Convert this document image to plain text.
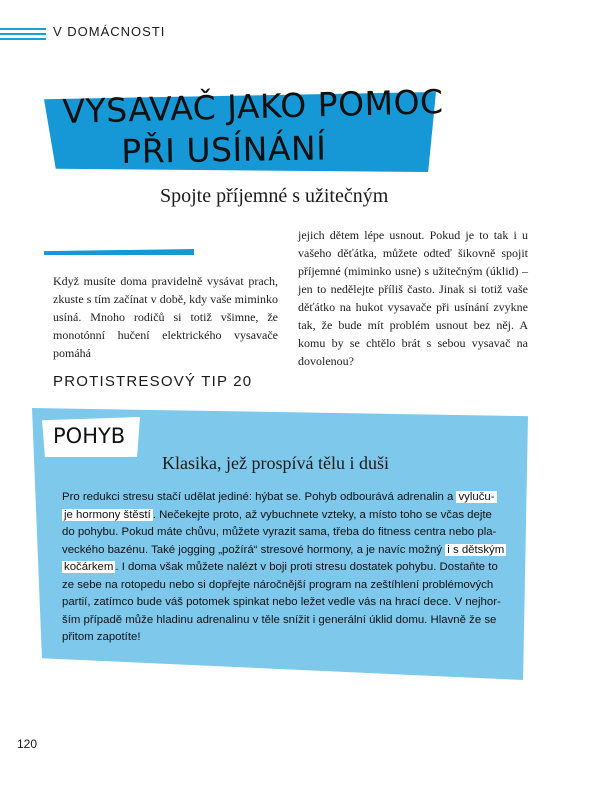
V DOMÁCNOSTI
VYSAVAČ JAKO POMOC
PŘI USÍNÁNÍ
Spojte příjemné s užitečným

Když musíte doma pravidelně vysávat prach, zkuste s tím začínat v době, kdy vaše miminko usíná. Mnoho rodičů si totiž všimne, že monotónní hučení elektrického vysavače pomáhá

jejich dětem lépe usnout. Pokud je to tak i u vašeho děťátka, můžete odteď šikovně spojit příjemné (miminko usne) s užitečným (úklid) – jen to nedělejte příliš často. Jinak si totiž vaše děťátko na hukot vysavače při usínání zvykne tak, že bude mít problém usnout bez něj. A komu by se chtělo brát s sebou vysavač na dovolenou?

PROTISTRESOVÝ TIP 20
POHYB
Klasika, jež prospívá tělu i duši
Pro redukci stresu stačí udělat jediné: hýbat se. Pohyb odbourává adrenalin a vyluču-
je hormony štěstí . Nečekejte proto, až vybuchnete vzteky, a místo toho se včas dejte
do pohybu. Pokud máte chůvu, můžete vyrazit sama, třeba do fitness centra nebo pla-
veckého bazénu. Také jogging „požírá“ stresové hormony, a je navíc možný i s dětským
kočárkem . I doma však můžete nalézt v boji proti stresu dostatek pohybu. Dostaňte to
ze sebe na rotopedu nebo si dopřejte náročnější program na zeštíhlení problémových
partií, zatímco bude váš potomek spinkat nebo ležet vedle vás na hrací dece. V nejhor-
ším případě může hladinu adrenalinu v těle snížit i generální úklid domu. Hlavně že se
přitom zapotíte!
120
